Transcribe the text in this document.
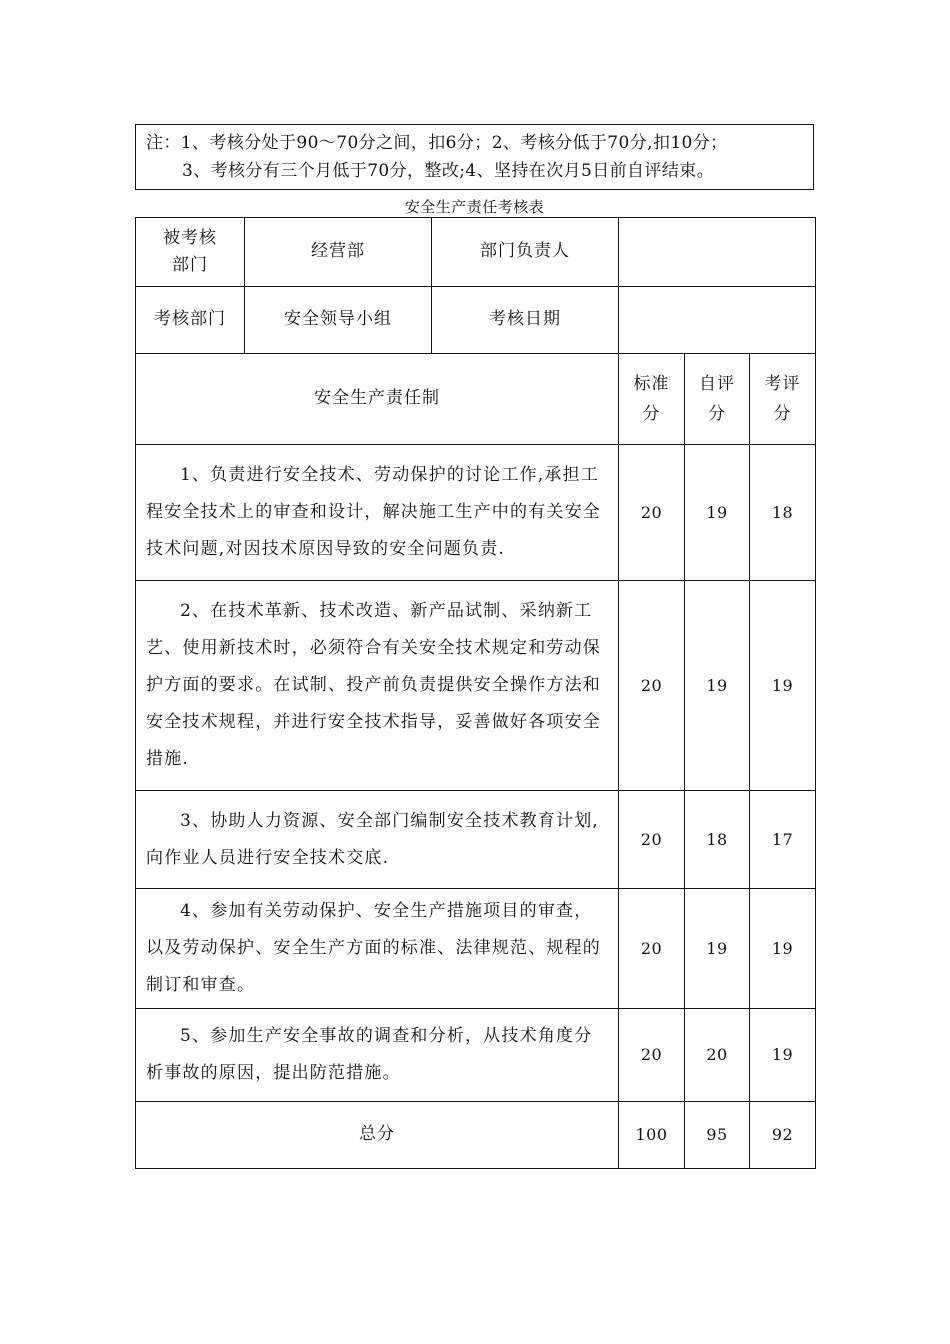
注：1、考核分处于90～70分之间，扣6分；2、考核分低于70分,扣10分；
3、考核分有三个月低于70分，整改;4、坚持在次月5日前自评结束。
安全生产责任考核表
被考核部门	经营部	部门负责人			
考核部门	安全领导小组	考核日期			
安全生产责任制			标准分	自评分	考评分
1、负责进行安全技术、劳动保护的讨论工作,承担工程安全技术上的审查和设计，解决施工生产中的有关安全技术问题,对因技术原因导致的安全问题负责.			20	19	18
2、在技术革新、技术改造、新产品试制、采纳新工艺、使用新技术时，必须符合有关安全技术规定和劳动保护方面的要求。在试制、投产前负责提供安全操作方法和安全技术规程，并进行安全技术指导，妥善做好各项安全措施.			20	19	19
3、协助人力资源、安全部门编制安全技术教育计划,向作业人员进行安全技术交底.			20	18	17
4、参加有关劳动保护、安全生产措施项目的审查，以及劳动保护、安全生产方面的标准、法律规范、规程的制订和审查。			20	19	19
5、参加生产安全事故的调查和分析，从技术角度分析事故的原因，提出防范措施。			20	20	19
总分			100	95	92
